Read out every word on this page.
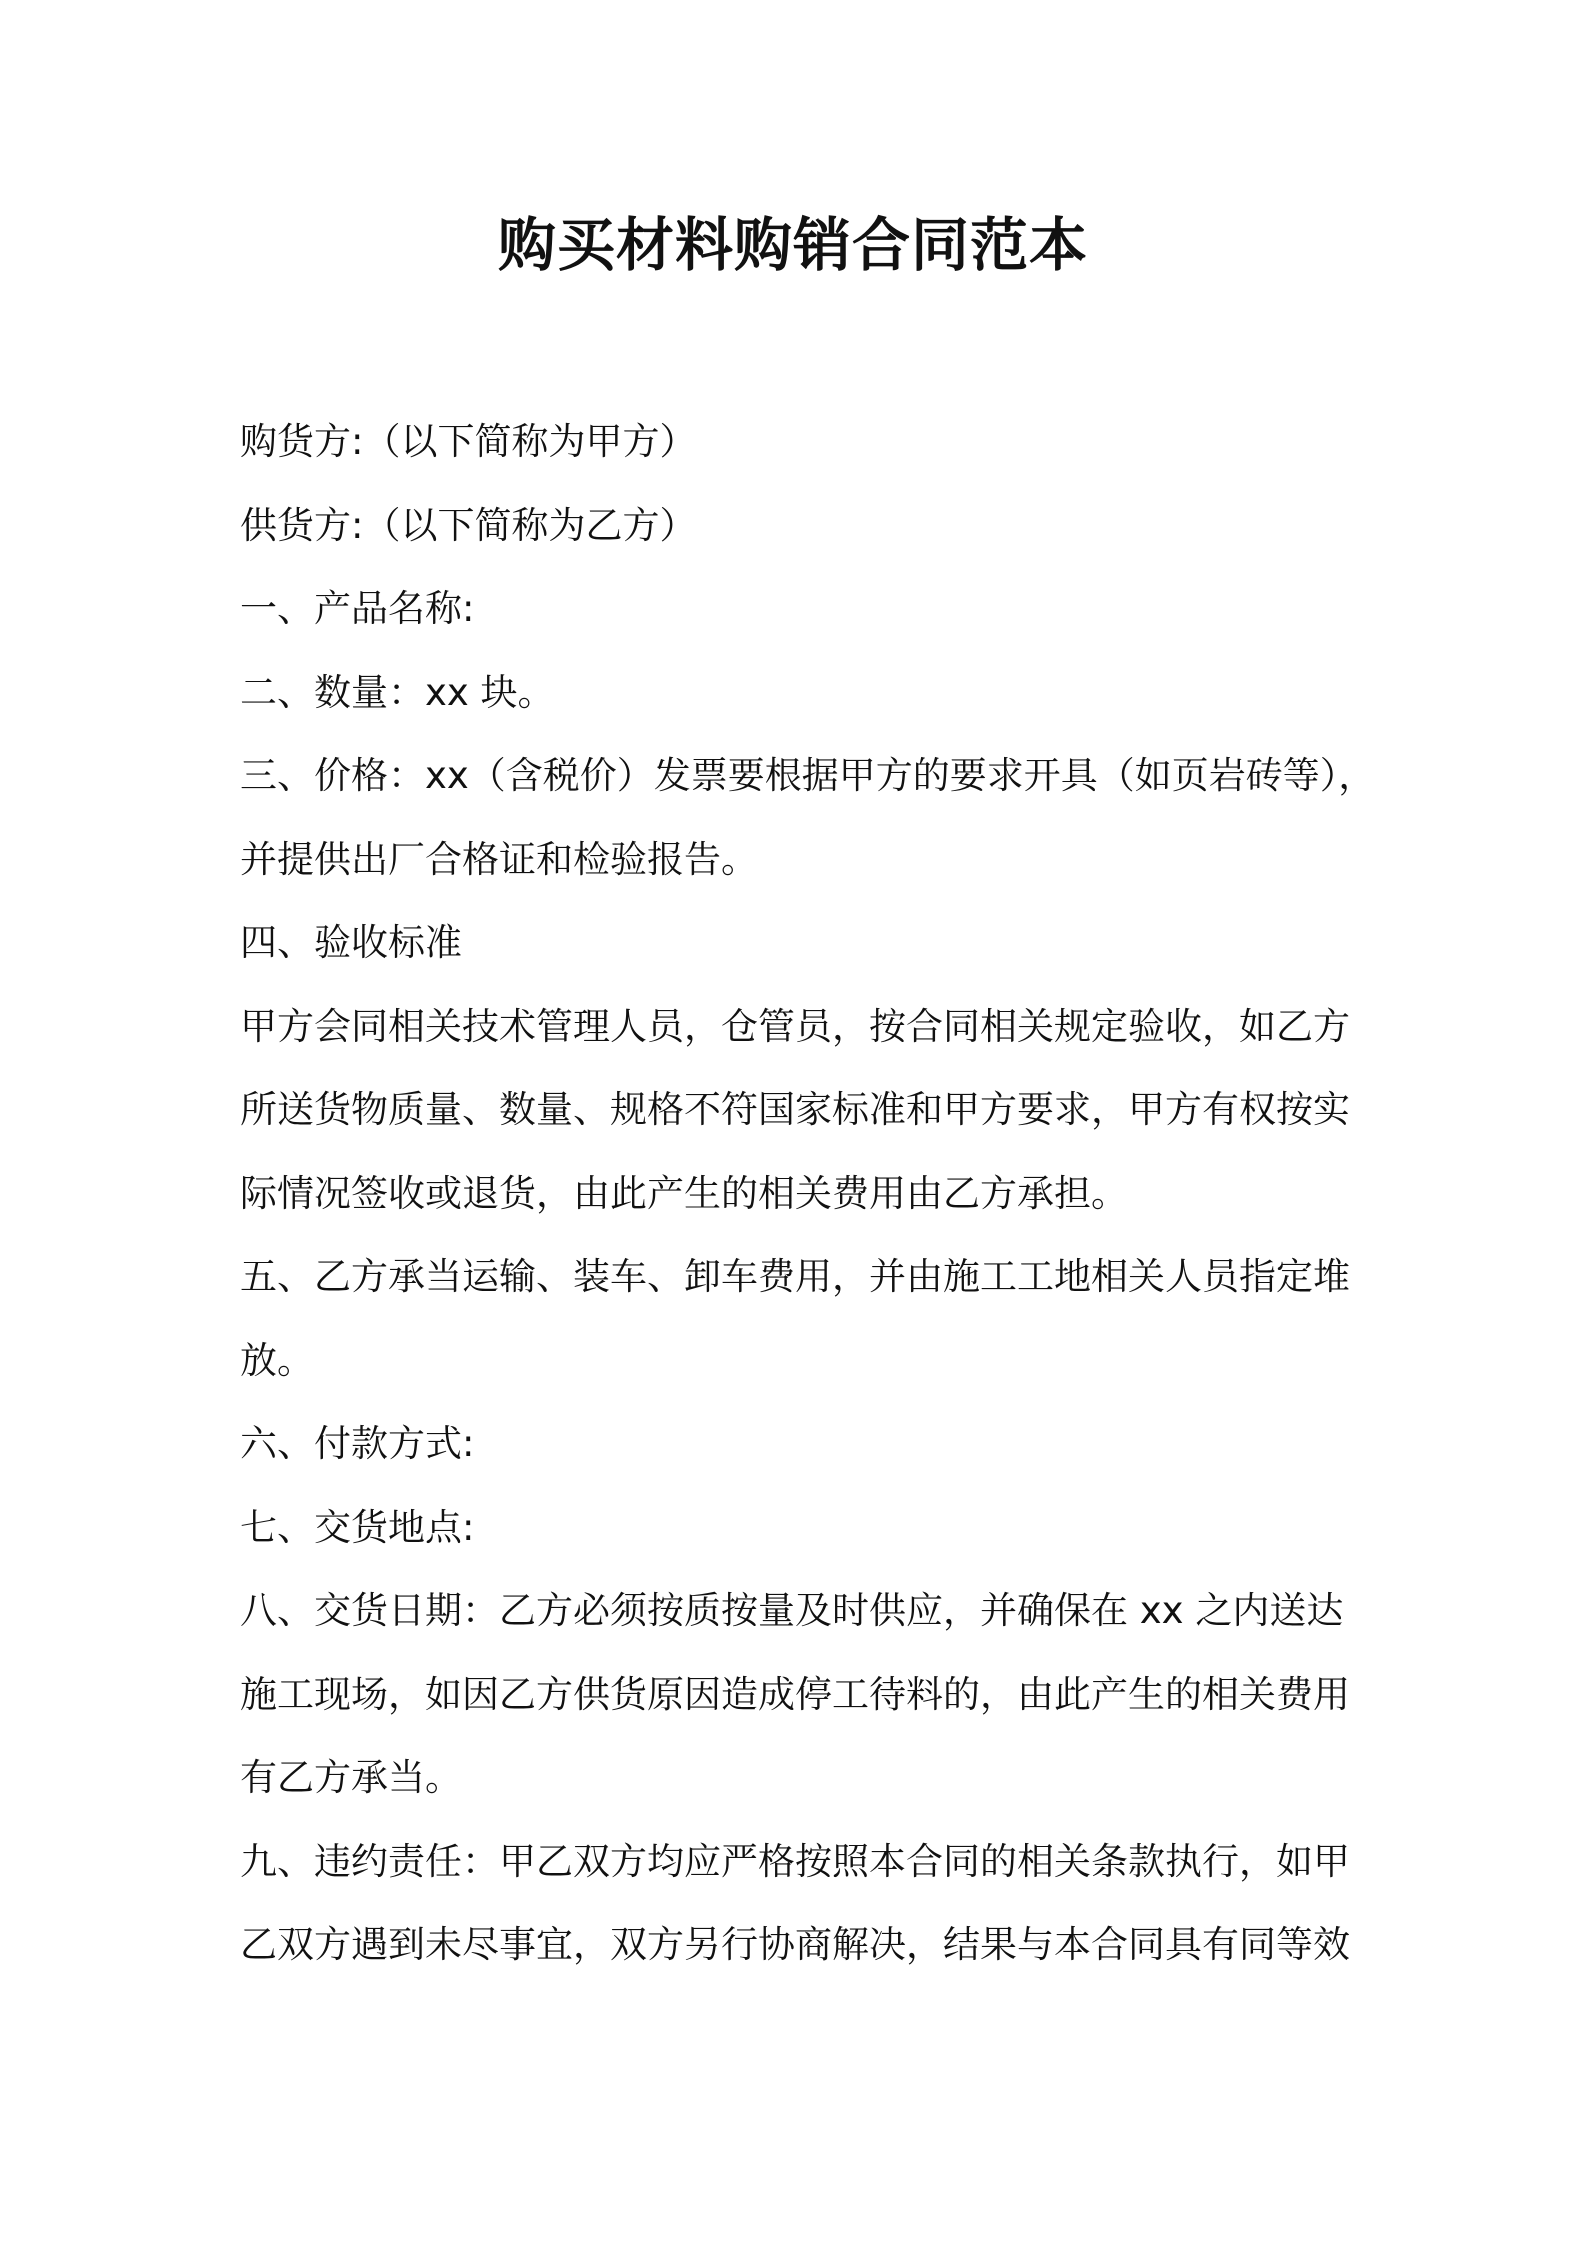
购买材料购销合同范本

购货方:（以下简称为甲方）

供货方:（以下简称为乙方）

一、产品名称:

二、数量：xx 块。

三、价格：xx（含税价）发票要根据甲方的要求开具（如页岩砖等），

并提供出厂合格证和检验报告。

四、验收标准

甲方会同相关技术管理人员，仓管员，按合同相关规定验收，如乙方

所送货物质量、数量、规格不符国家标准和甲方要求，甲方有权按实

际情况签收或退货，由此产生的相关费用由乙方承担。

五、乙方承当运输、装车、卸车费用，并由施工工地相关人员指定堆

放。

六、付款方式:

七、交货地点:

八、交货日期：乙方必须按质按量及时供应，并确保在 xx 之内送达

施工现场，如因乙方供货原因造成停工待料的，由此产生的相关费用

有乙方承当。

九、违约责任：甲乙双方均应严格按照本合同的相关条款执行，如甲

乙双方遇到未尽事宜，双方另行协商解决，结果与本合同具有同等效
